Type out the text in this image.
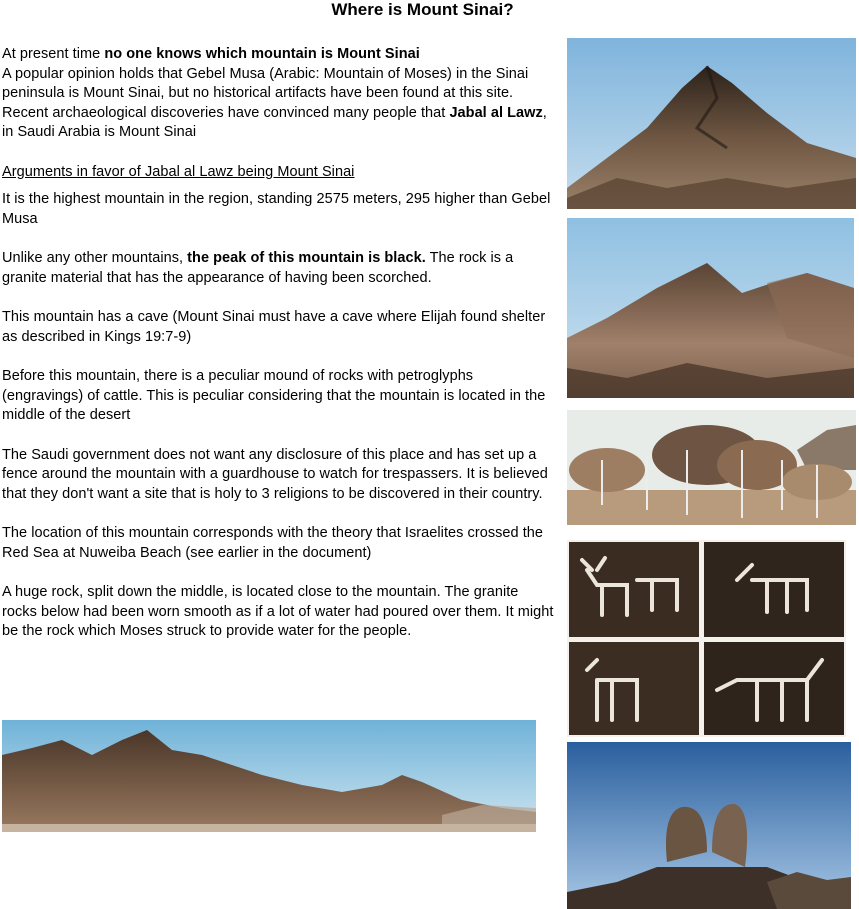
Where is Mount Sinai?

At present time no one knows which mountain is Mount Sinai

A popular opinion holds that Gebel Musa (Arabic: Mountain of Moses) in the Sinai peninsula is Mount Sinai, but no historical artifacts have been found at this site.

Recent archaeological discoveries have convinced many people that Jabal al Lawz, in Saudi Arabia is Mount Sinai

Arguments in favor of Jabal al Lawz being Mount Sinai

It is the highest mountain in the region, standing 2575 meters, 295 higher than Gebel Musa

Unlike any other mountains, the peak of this mountain is black. The rock is a granite material that has the appearance of having been scorched.

This mountain has a cave (Mount Sinai must have a cave where Elijah found shelter as described in Kings 19:7-9)

Before this mountain, there is a peculiar mound of rocks with petroglyphs (engravings) of cattle. This is peculiar considering that the mountain is located in the middle of the desert

The Saudi government does not want any disclosure of this place and has set up a fence around the mountain with a guardhouse to watch for trespassers. It is believed that they don't want a site that is holy to 3 religions to be discovered in their country.

The location of this mountain corresponds with the theory that Israelites crossed the Red Sea at Nuweiba Beach (see earlier in the document)

A huge rock, split down the middle, is located close to the mountain. The granite rocks below had been worn smooth as if a lot of water had poured over them. It might be the rock which Moses struck to provide water for the people.
